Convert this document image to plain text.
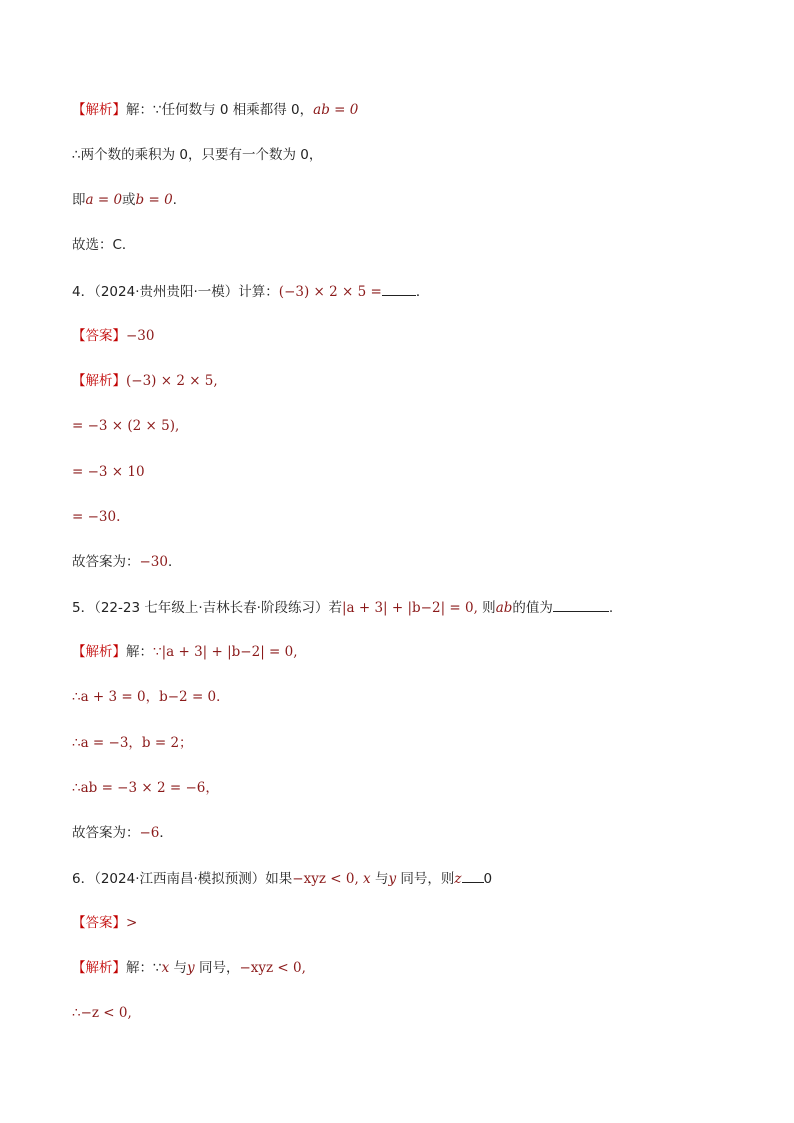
【解析】解：∵任何数与 0 相乘都得 0，ab = 0
∴两个数的乘积为 0，只要有一个数为 0，
即a = 0或b = 0.
故选：C．
4．（2024·贵州贵阳·一模）计算：(−3) × 2 × 5 =	．
【答案】−30
【解析】(−3) × 2 × 5,
= −3 × (2 × 5),
= −3 × 10
= −30.
故答案为：−30．
5．（22-23 七年级上·吉林长春·阶段练习）若|a + 3| + |b−2| = 0, 则ab的值为	.
【解析】解：∵|a + 3| + |b−2| = 0,
∴a + 3 = 0，b−2 = 0．
∴a = −3，b = 2；
∴ab = −3 × 2 = −6，
故答案为：−6．
6．（2024·江西南昌·模拟预测）如果−xyz < 0, x 与y 同号，则z 0
【答案】>
【解析】解：∵x 与y 同号，−xyz < 0,
∴−z < 0,
